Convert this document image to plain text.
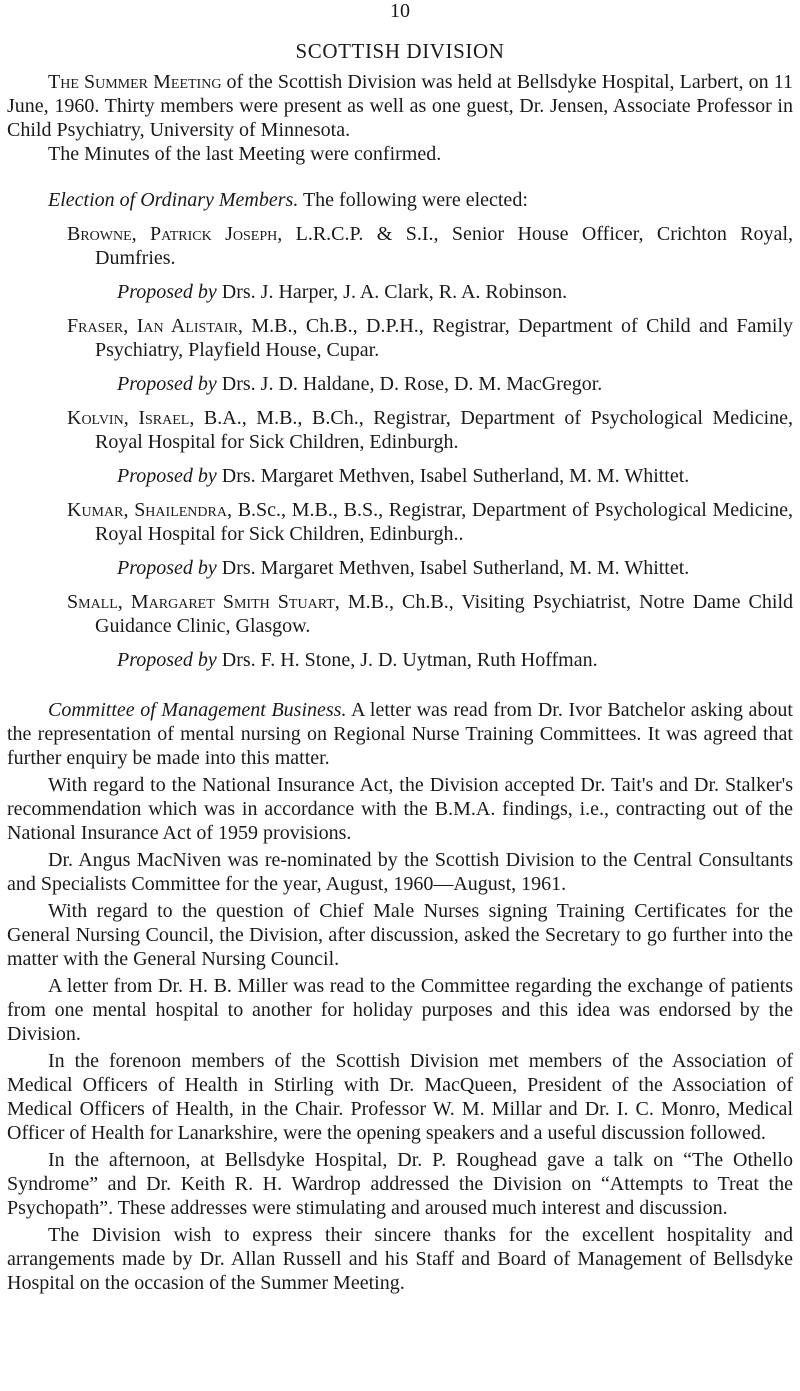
10
SCOTTISH DIVISION

The Summer Meeting of the Scottish Division was held at Bellsdyke Hospital, Larbert, on 11 June, 1960. Thirty members were present as well as one guest, Dr. Jensen, Associate Professor in Child Psychiatry, University of Minnesota.

The Minutes of the last Meeting were confirmed.

Election of Ordinary Members. The following were elected:

Browne, Patrick Joseph, L.R.C.P. & S.I., Senior House Officer, Crichton Royal, Dumfries.

Proposed by Drs. J. Harper, J. A. Clark, R. A. Robinson.

Fraser, Ian Alistair, M.B., Ch.B., D.P.H., Registrar, Department of Child and Family Psychiatry, Playfield House, Cupar.

Proposed by Drs. J. D. Haldane, D. Rose, D. M. MacGregor.

Kolvin, Israel, B.A., M.B., B.Ch., Registrar, Department of Psychological Medicine, Royal Hospital for Sick Children, Edinburgh.

Proposed by Drs. Margaret Methven, Isabel Sutherland, M. M. Whittet.

Kumar, Shailendra, B.Sc., M.B., B.S., Registrar, Department of Psychological Medicine, Royal Hospital for Sick Children, Edinburgh..

Proposed by Drs. Margaret Methven, Isabel Sutherland, M. M. Whittet.

Small, Margaret Smith Stuart, M.B., Ch.B., Visiting Psychiatrist, Notre Dame Child Guidance Clinic, Glasgow.

Proposed by Drs. F. H. Stone, J. D. Uytman, Ruth Hoffman.

Committee of Management Business. A letter was read from Dr. Ivor Batchelor asking about the representation of mental nursing on Regional Nurse Training Committees. It was agreed that further enquiry be made into this matter.

With regard to the National Insurance Act, the Division accepted Dr. Tait's and Dr. Stalker's recommendation which was in accordance with the B.M.A. findings, i.e., contracting out of the National Insurance Act of 1959 provisions.

Dr. Angus MacNiven was re-nominated by the Scottish Division to the Central Consultants and Specialists Committee for the year, August, 1960—August, 1961.

With regard to the question of Chief Male Nurses signing Training Certificates for the General Nursing Council, the Division, after discussion, asked the Secretary to go further into the matter with the General Nursing Council.

A letter from Dr. H. B. Miller was read to the Committee regarding the exchange of patients from one mental hospital to another for holiday purposes and this idea was endorsed by the Division.

In the forenoon members of the Scottish Division met members of the Association of Medical Officers of Health in Stirling with Dr. MacQueen, President of the Association of Medical Officers of Health, in the Chair. Professor W. M. Millar and Dr. I. C. Monro, Medical Officer of Health for Lanarkshire, were the opening speakers and a useful discussion followed.

In the afternoon, at Bellsdyke Hospital, Dr. P. Roughead gave a talk on “The Othello Syndrome” and Dr. Keith R. H. Wardrop addressed the Division on “Attempts to Treat the Psychopath”. These addresses were stimulating and aroused much interest and discussion.

The Division wish to express their sincere thanks for the excellent hospitality and arrangements made by Dr. Allan Russell and his Staff and Board of Management of Bellsdyke Hospital on the occasion of the Summer Meeting.
